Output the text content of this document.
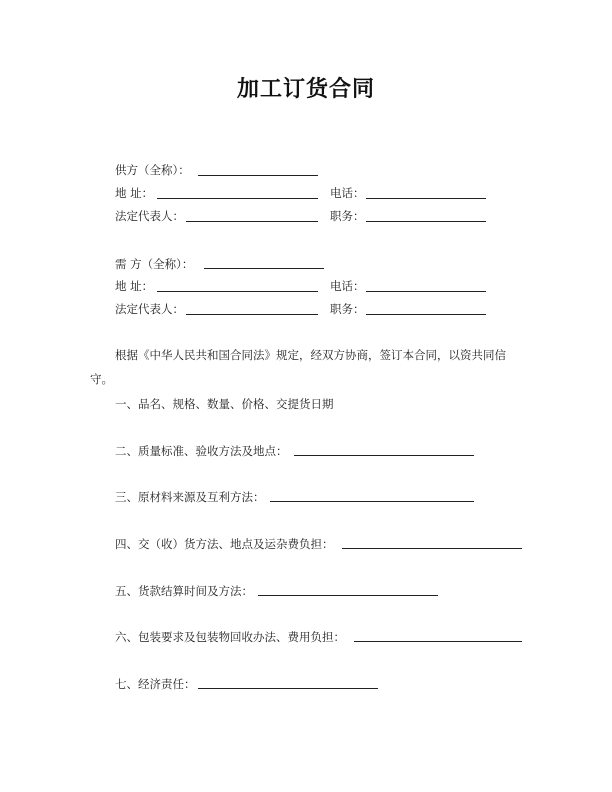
加工订货合同
供方（全称）：
地 址：	电话：
法定代表人：	职务：
需 方（全称）：
地 址：	电话：
法定代表人：	职务：
根据《中华人民共和国合同法》规定，经双方协商，签订本合同，以资共同信
守。
一、品名、规格、数量、价格、交提货日期
二、质量标准、验收方法及地点：
三、原材料来源及互利方法：
四、交（收）货方法、地点及运杂费负担：
五、货款结算时间及方法：
六、包装要求及包装物回收办法、费用负担：
七、经济责任：
